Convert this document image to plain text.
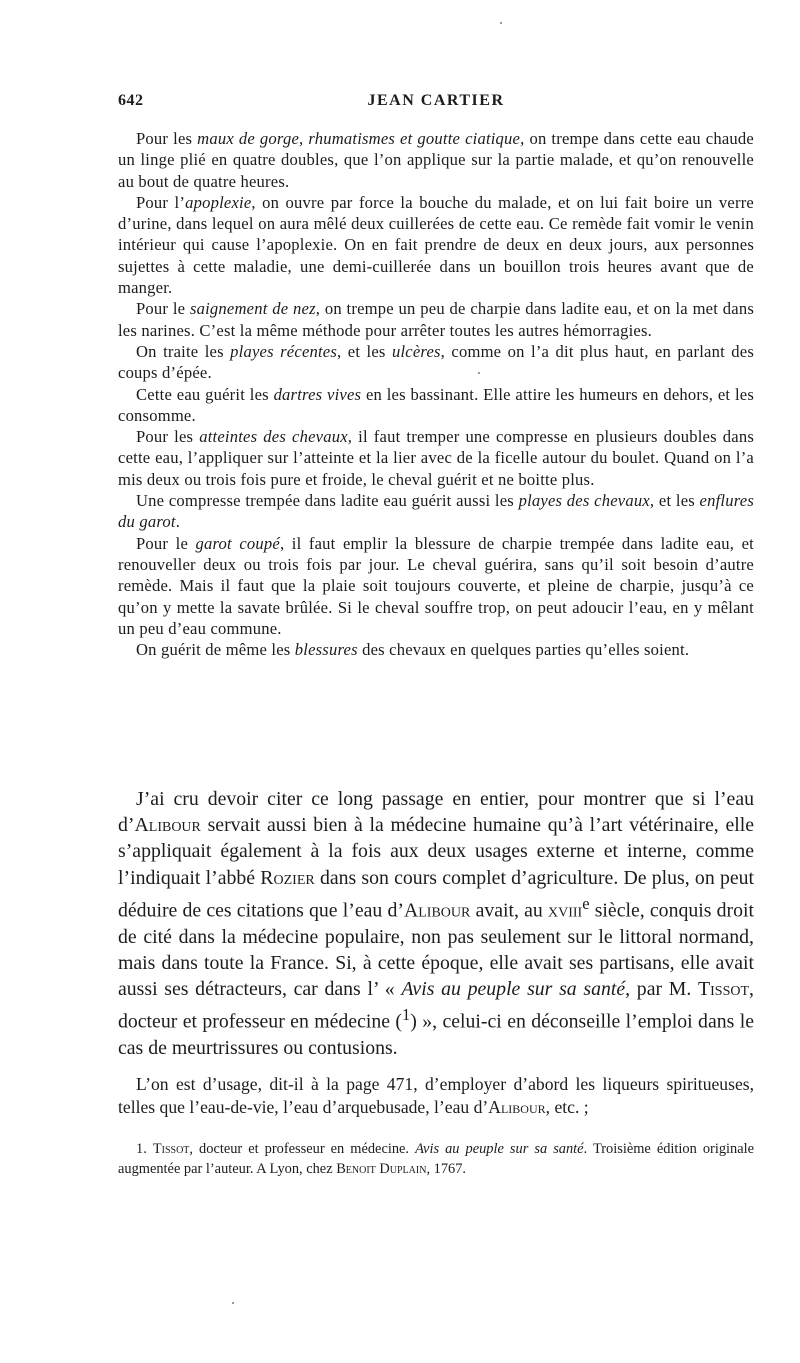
642	JEAN CARTIER

Pour les maux de gorge, rhumatismes et goutte ciatique, on trempe dans cette eau chaude un linge plié en quatre doubles, que l’on applique sur la partie malade, et qu’on renouvelle au bout de quatre heures.

Pour l’apoplexie, on ouvre par force la bouche du malade, et on lui fait boire un verre d’urine, dans lequel on aura mêlé deux cuillerées de cette eau. Ce remède fait vomir le venin intérieur qui cause l’apoplexie. On en fait prendre de deux en deux jours, aux personnes sujettes à cette maladie, une demi-cuillerée dans un bouillon trois heures avant que de manger.

Pour le saignement de nez, on trempe un peu de charpie dans ladite eau, et on la met dans les narines. C’est la même méthode pour arrêter toutes les autres hémorragies.

On traite les playes récentes, et les ulcères, comme on l’a dit plus haut, en parlant des coups d’épée.

Cette eau guérit les dartres vives en les bassinant. Elle attire les humeurs en dehors, et les consomme.

Pour les atteintes des chevaux, il faut tremper une compresse en plusieurs doubles dans cette eau, l’appliquer sur l’atteinte et la lier avec de la ficelle autour du boulet. Quand on l’a mis deux ou trois fois pure et froide, le cheval guérit et ne boitte plus.

Une compresse trempée dans ladite eau guérit aussi les playes des chevaux, et les enflures du garot.

Pour le garot coupé, il faut emplir la blessure de charpie trempée dans ladite eau, et renouveller deux ou trois fois par jour. Le cheval guérira, sans qu’il soit besoin d’autre remède. Mais il faut que la plaie soit toujours couverte, et pleine de charpie, jusqu’à ce qu’on y mette la savate brûlée. Si le cheval souffre trop, on peut adoucir l’eau, en y mêlant un peu d’eau commune.

On guérit de même les blessures des chevaux en quelques parties qu’elles soient.

J’ai cru devoir citer ce long passage en entier, pour montrer que si l’eau d’Alibour servait aussi bien à la médecine humaine qu’à l’art vétérinaire, elle s’appliquait également à la fois aux deux usages externe et interne, comme l’indiquait l’abbé Rozier dans son cours complet d’agriculture. De plus, on peut déduire de ces citations que l’eau d’Alibour avait, au xviii$^e$ siècle, conquis droit de cité dans la médecine populaire, non pas seulement sur le littoral normand, mais dans toute la France. Si, à cette époque, elle avait ses partisans, elle avait aussi ses détracteurs, car dans l’ « Avis au peuple sur sa santé, par M. Tissot, docteur et professeur en médecine ($^1$) », celui-ci en déconseille l’emploi dans le cas de meurtrissures ou contusions.

L’on est d’usage, dit-il à la page 471, d’employer d’abord les liqueurs spiritueuses, telles que l’eau-de-vie, l’eau d’arquebusade, l’eau d’Alibour, etc. ;

1. Tissot, docteur et professeur en médecine. Avis au peuple sur sa santé. Troisième édition originale augmentée par l’auteur. A Lyon, chez Benoit Duplain, 1767.
